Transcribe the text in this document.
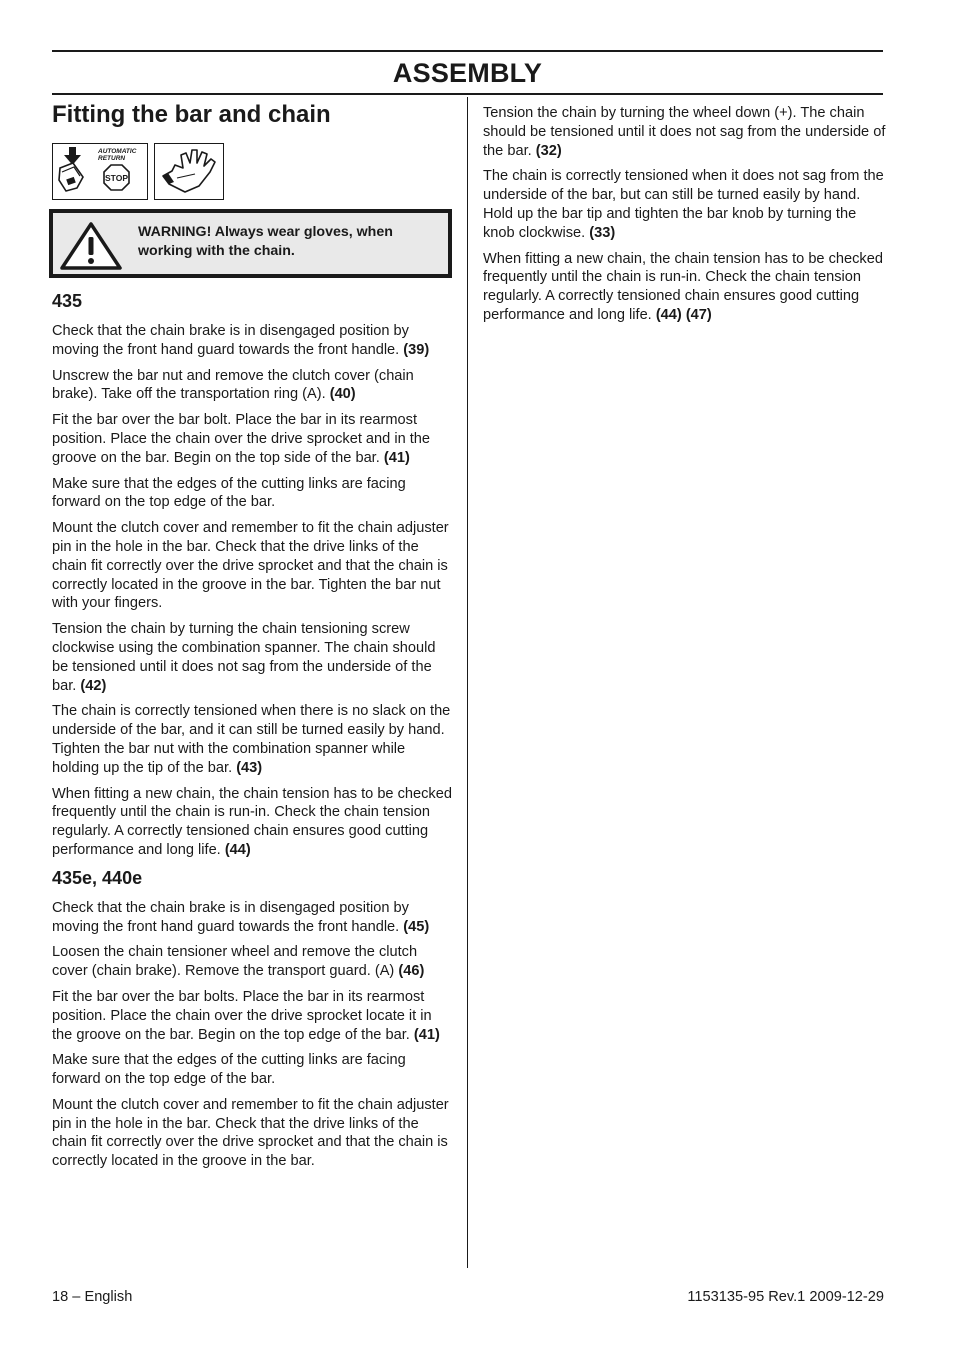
ASSEMBLY
Fitting the bar and chain
AUTOMATIC
RETURN
STOP
WARNING! Always wear gloves, when working with the chain.
435

Check that the chain brake is in disengaged position by moving the front hand guard towards the front handle. (39)

Unscrew the bar nut and remove the clutch cover (chain brake). Take off the transportation ring (A). (40)

Fit the bar over the bar bolt. Place the bar in its rearmost position. Place the chain over the drive sprocket and in the groove on the bar. Begin on the top side of the bar. (41)

Make sure that the edges of the cutting links are facing forward on the top edge of the bar.

Mount the clutch cover and remember to fit the chain adjuster pin in the hole in the bar. Check that the drive links of the chain fit correctly over the drive sprocket and that the chain is correctly located in the groove in the bar. Tighten the bar nut with your fingers.

Tension the chain by turning the chain tensioning screw clockwise using the combination spanner. The chain should be tensioned until it does not sag from the underside of the bar. (42)

The chain is correctly tensioned when there is no slack on the underside of the bar, and it can still be turned easily by hand. Tighten the bar nut with the combination spanner while holding up the tip of the bar. (43)

When fitting a new chain, the chain tension has to be checked frequently until the chain is run-in. Check the chain tension regularly. A correctly tensioned chain ensures good cutting performance and long life. (44)

435e, 440e

Check that the chain brake is in disengaged position by moving the front hand guard towards the front handle. (45)

Loosen the chain tensioner wheel and remove the clutch cover (chain brake). Remove the transport guard. (A) (46)

Fit the bar over the bar bolts. Place the bar in its rearmost position. Place the chain over the drive sprocket locate it in the groove on the bar. Begin on the top edge of the bar. (41)

Make sure that the edges of the cutting links are facing forward on the top edge of the bar.

Mount the clutch cover and remember to fit the chain adjuster pin in the hole in the bar. Check that the drive links of the chain fit correctly over the drive sprocket and that the chain is correctly located in the groove in the bar.

Tension the chain by turning the wheel down (+). The chain should be tensioned until it does not sag from the underside of the bar. (32)

The chain is correctly tensioned when it does not sag from the underside of the bar, but can still be turned easily by hand. Hold up the bar tip and tighten the bar knob by turning the knob clockwise. (33)

When fitting a new chain, the chain tension has to be checked frequently until the chain is run-in. Check the chain tension regularly. A correctly tensioned chain ensures good cutting performance and long life. (44) (47)

18 – English	1153135-95 Rev.1 2009-12-29
